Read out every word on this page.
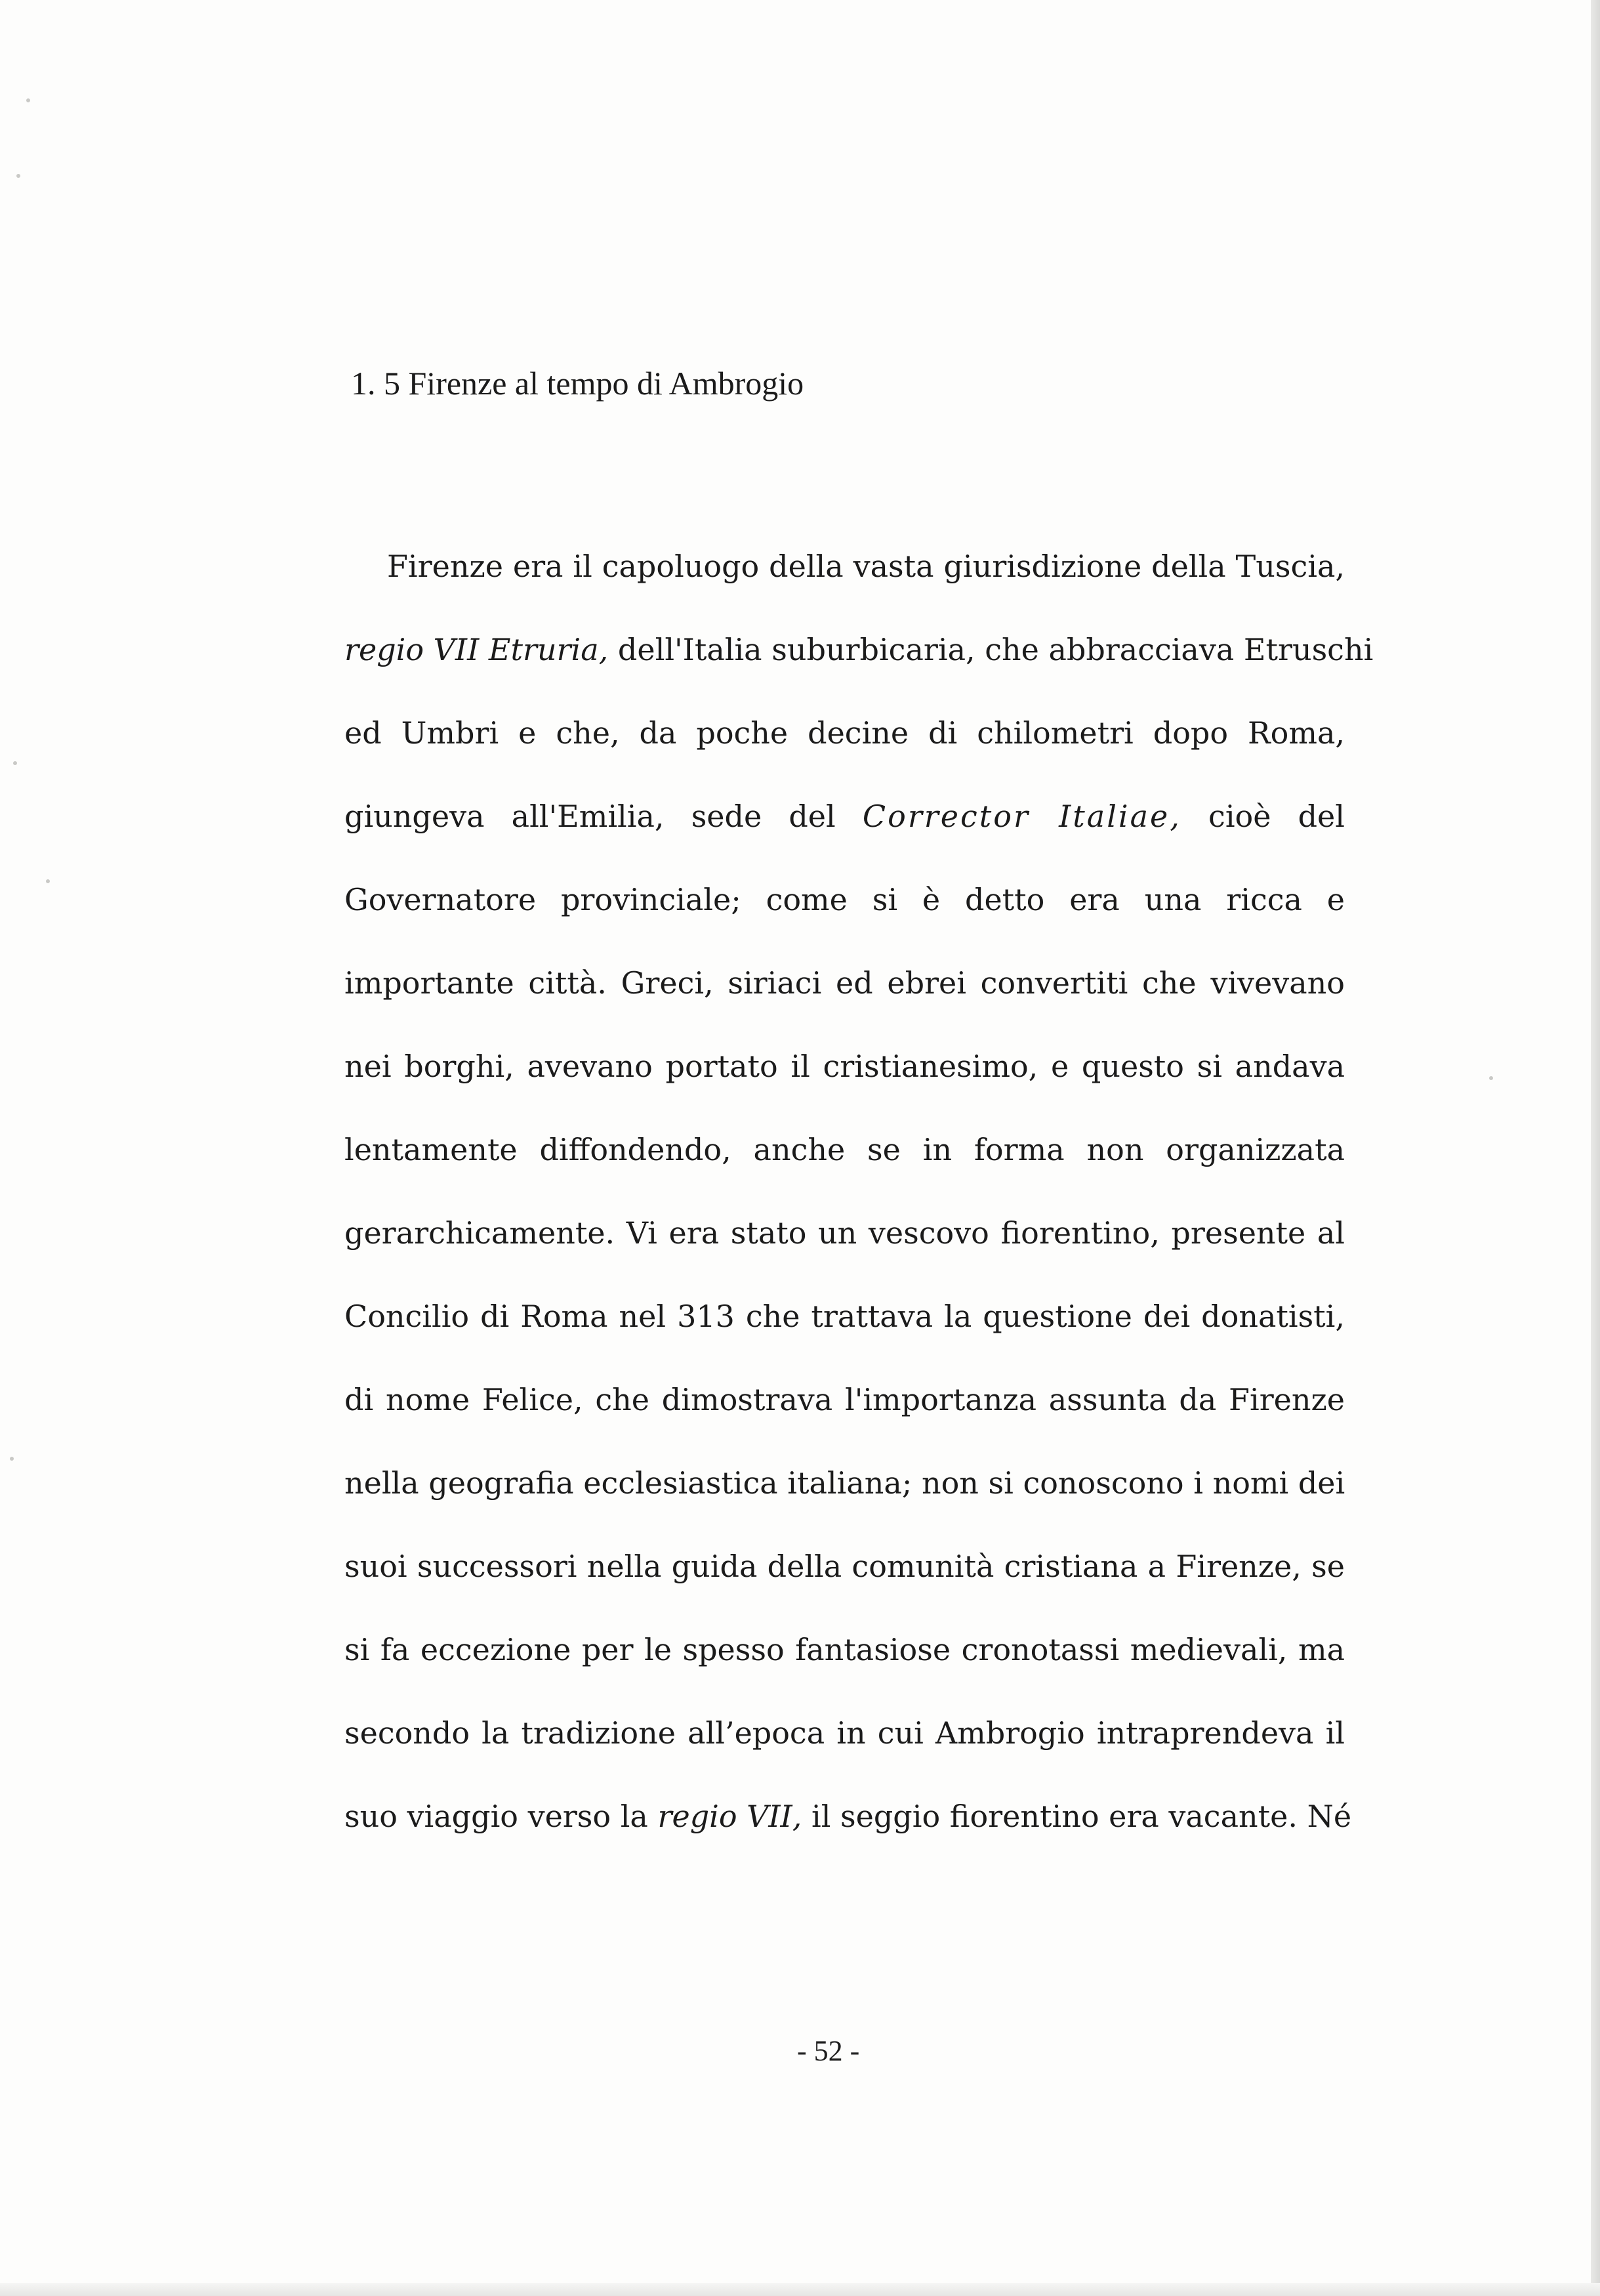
1. 5 Firenze al tempo di Ambrogio
Firenze era il capoluogo della vasta giurisdizione della Tuscia,
regio VII Etruria, dell'Italia suburbicaria, che abbracciava Etruschi
ed Umbri e che, da poche decine di chilometri dopo Roma,
giungeva all'Emilia, sede del Corrector Italiae, cioè del
Governatore provinciale; come si è detto era una ricca e
importante città. Greci, siriaci ed ebrei convertiti che vivevano
nei borghi, avevano portato il cristianesimo, e questo si andava
lentamente diffondendo, anche se in forma non organizzata
gerarchicamente. Vi era stato un vescovo fiorentino, presente al
Concilio di Roma nel 313 che trattava la questione dei donatisti,
di nome Felice, che dimostrava l'importanza assunta da Firenze
nella geografia ecclesiastica italiana; non si conoscono i nomi dei
suoi successori nella guida della comunità cristiana a Firenze, se
si fa eccezione per le spesso fantasiose cronotassi medievali, ma
secondo la tradizione all’epoca in cui Ambrogio intraprendeva il
suo viaggio verso la regio VII, il seggio fiorentino era vacante. Né
- 52 -
